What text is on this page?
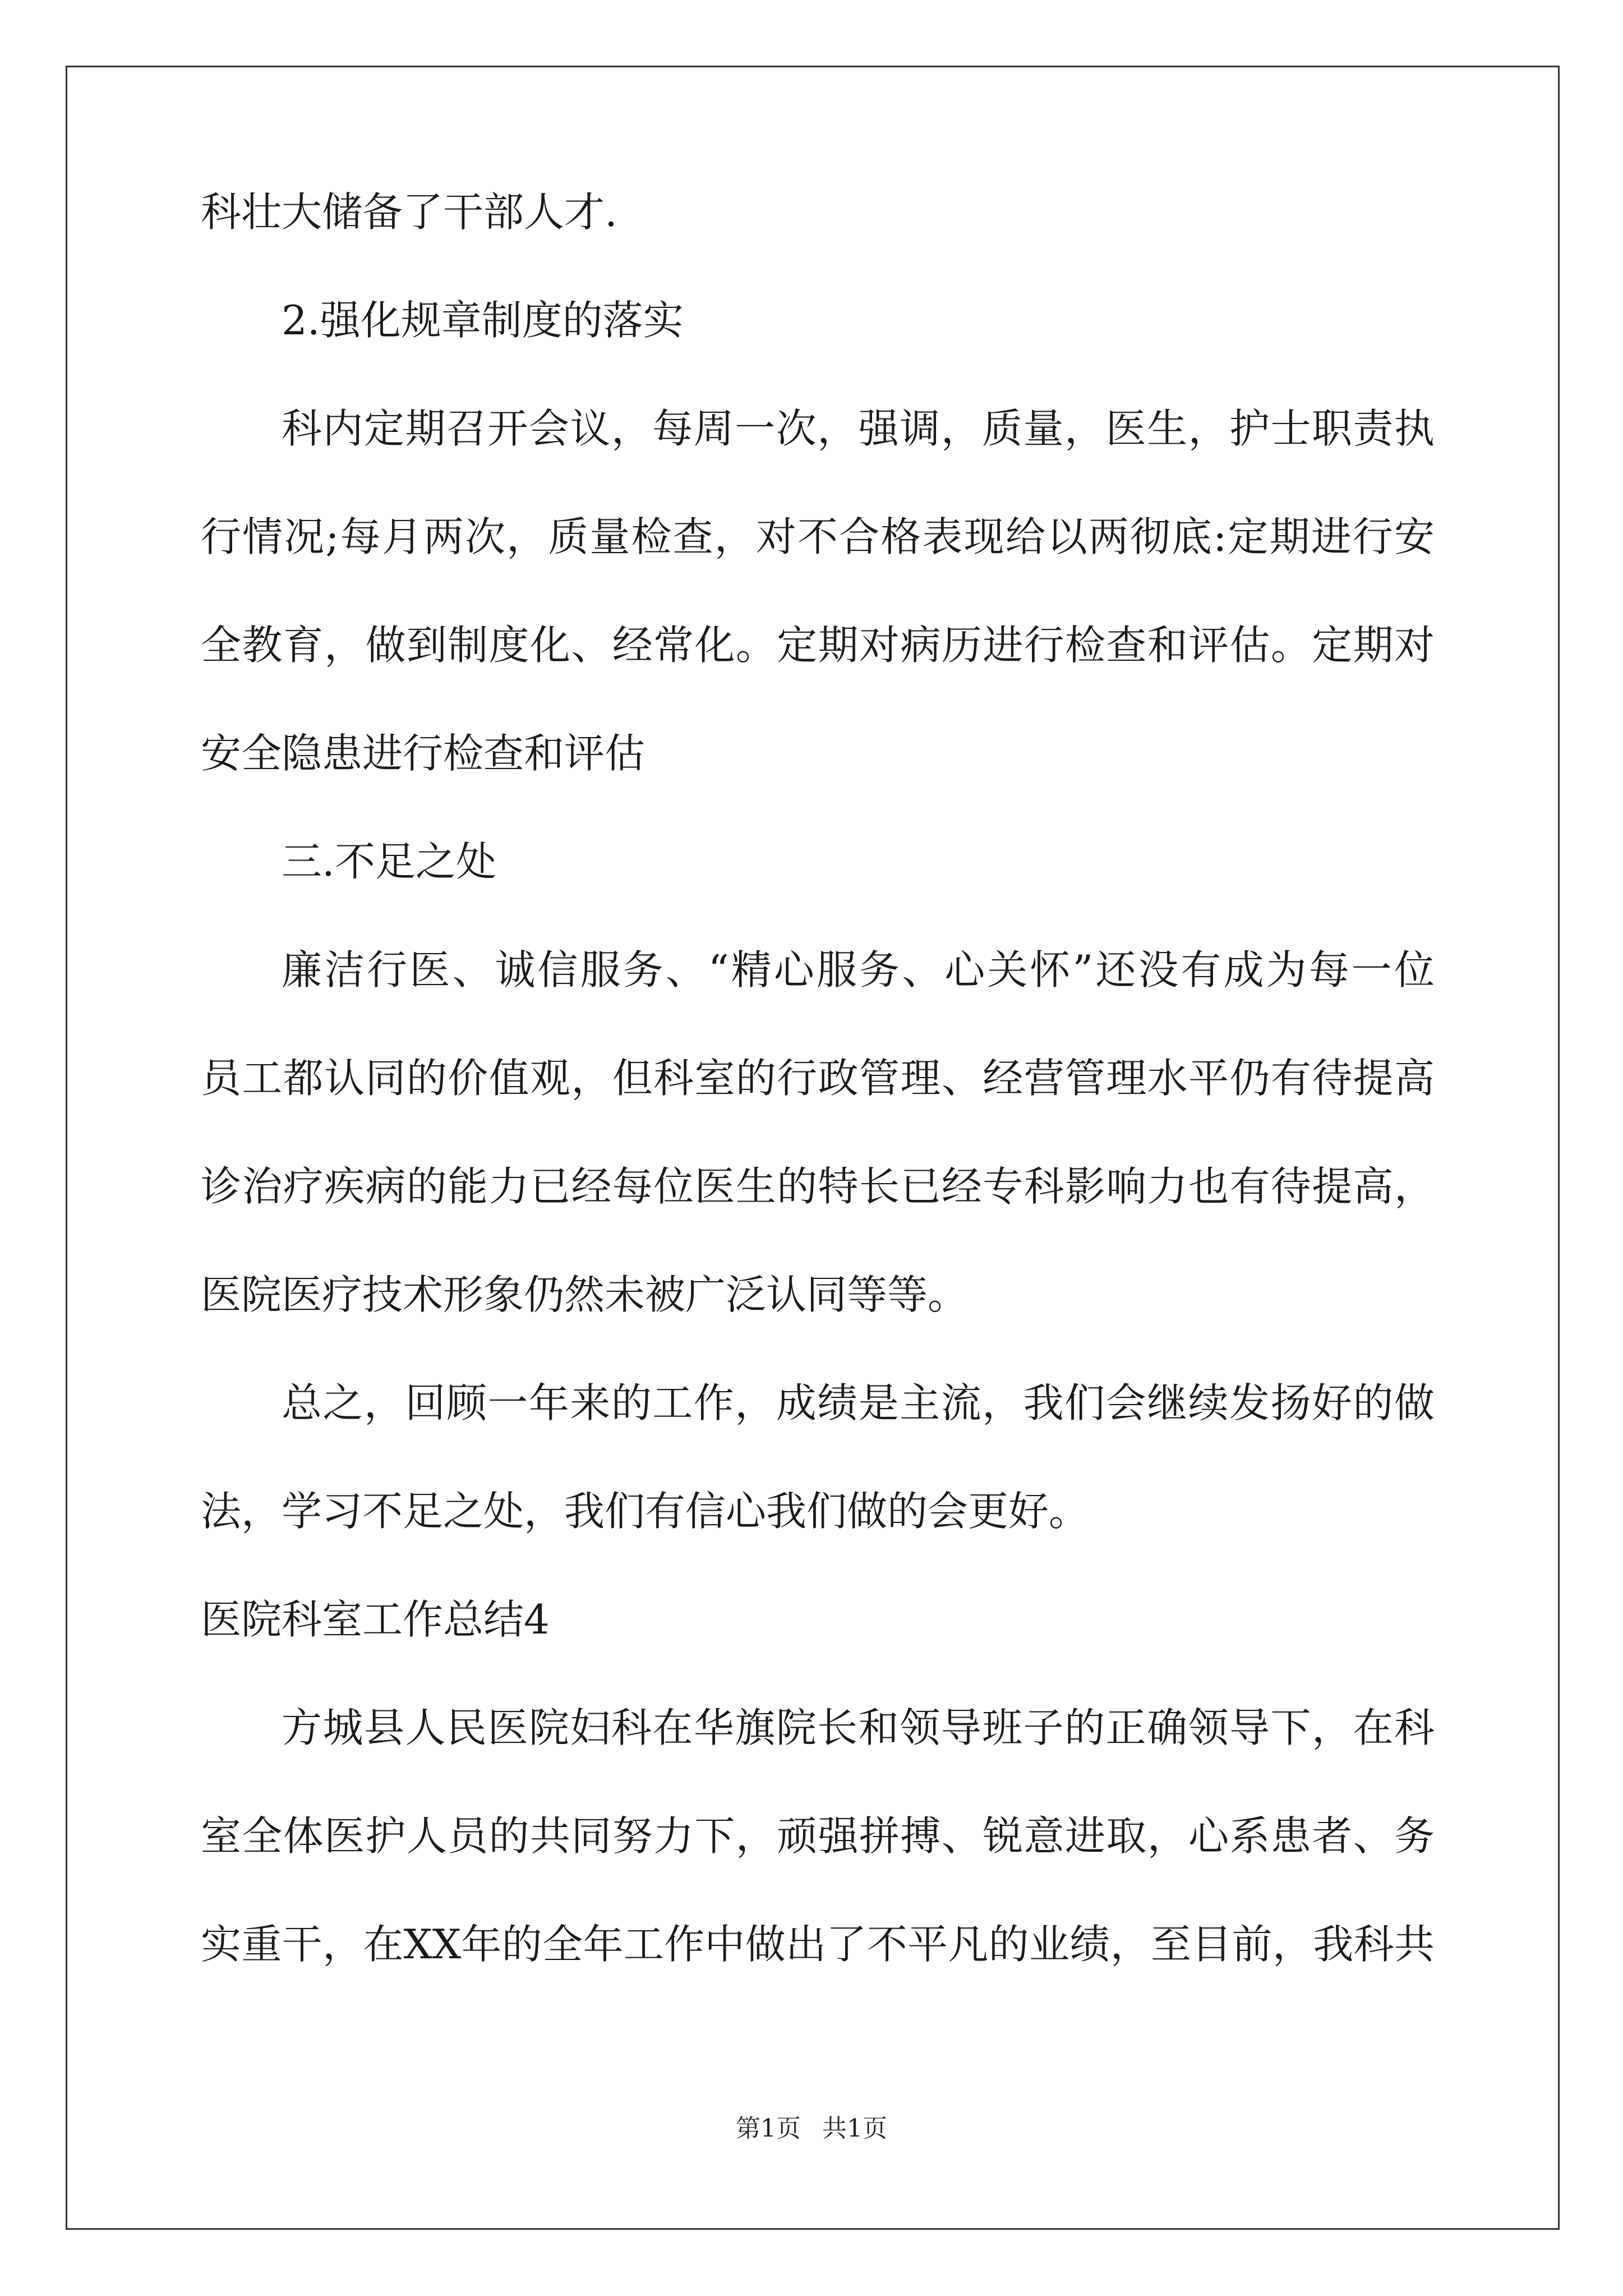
科壮大储备了干部人才.
2.强化规章制度的落实
科内定期召开会议，每周一次，强调，质量，医生，护士职责执
行情况;每月两次，质量检查，对不合格表现给以两彻底:定期进行安
全教育，做到制度化、经常化。定期对病历进行检查和评估。定期对
安全隐患进行检查和评估
三.不足之处
廉洁行医、诚信服务、“精心服务、心关怀”还没有成为每一位
员工都认同的价值观，但科室的行政管理、经营管理水平仍有待提高
诊治疗疾病的能力已经每位医生的特长已经专科影响力也有待提高，
医院医疗技术形象仍然未被广泛认同等等。
总之，回顾一年来的工作，成绩是主流，我们会继续发扬好的做
法，学习不足之处，我们有信心我们做的会更好。
医院科室工作总结4
方城县人民医院妇科在华旗院长和领导班子的正确领导下，在科
室全体医护人员的共同努力下，顽强拼搏、锐意进取，心系患者、务
实重干，在XX年的全年工作中做出了不平凡的业绩，至目前，我科共
第1页 共1页
